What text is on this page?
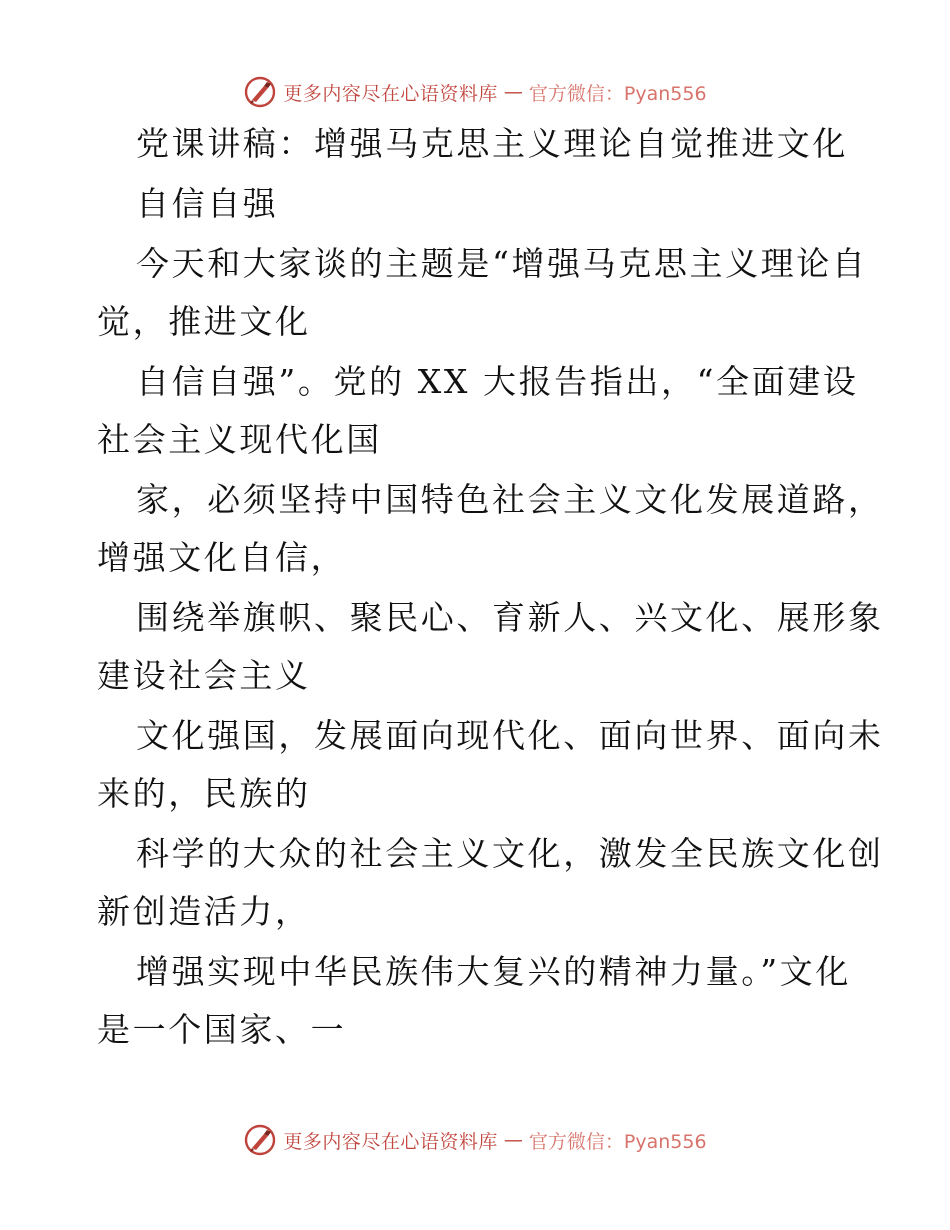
更多内容尽在心语资料库 — 官方微信：Pyan556
党课讲稿：增强马克思主义理论自觉推进文化
自信自强
今天和大家谈的主题是“增强马克思主义理论自
觉，推进文化
自信自强”。党的 XX 大报告指出，“全面建设
社会主义现代化国
家，必须坚持中国特色社会主义文化发展道路，
增强文化自信，
围绕举旗帜、聚民心、育新人、兴文化、展形象
建设社会主义
文化强国，发展面向现代化、面向世界、面向未
来的，民族的
科学的大众的社会主义文化，激发全民族文化创
新创造活力，
增强实现中华民族伟大复兴的精神力量。”文化
是一个国家、一
更多内容尽在心语资料库 — 官方微信：Pyan556
